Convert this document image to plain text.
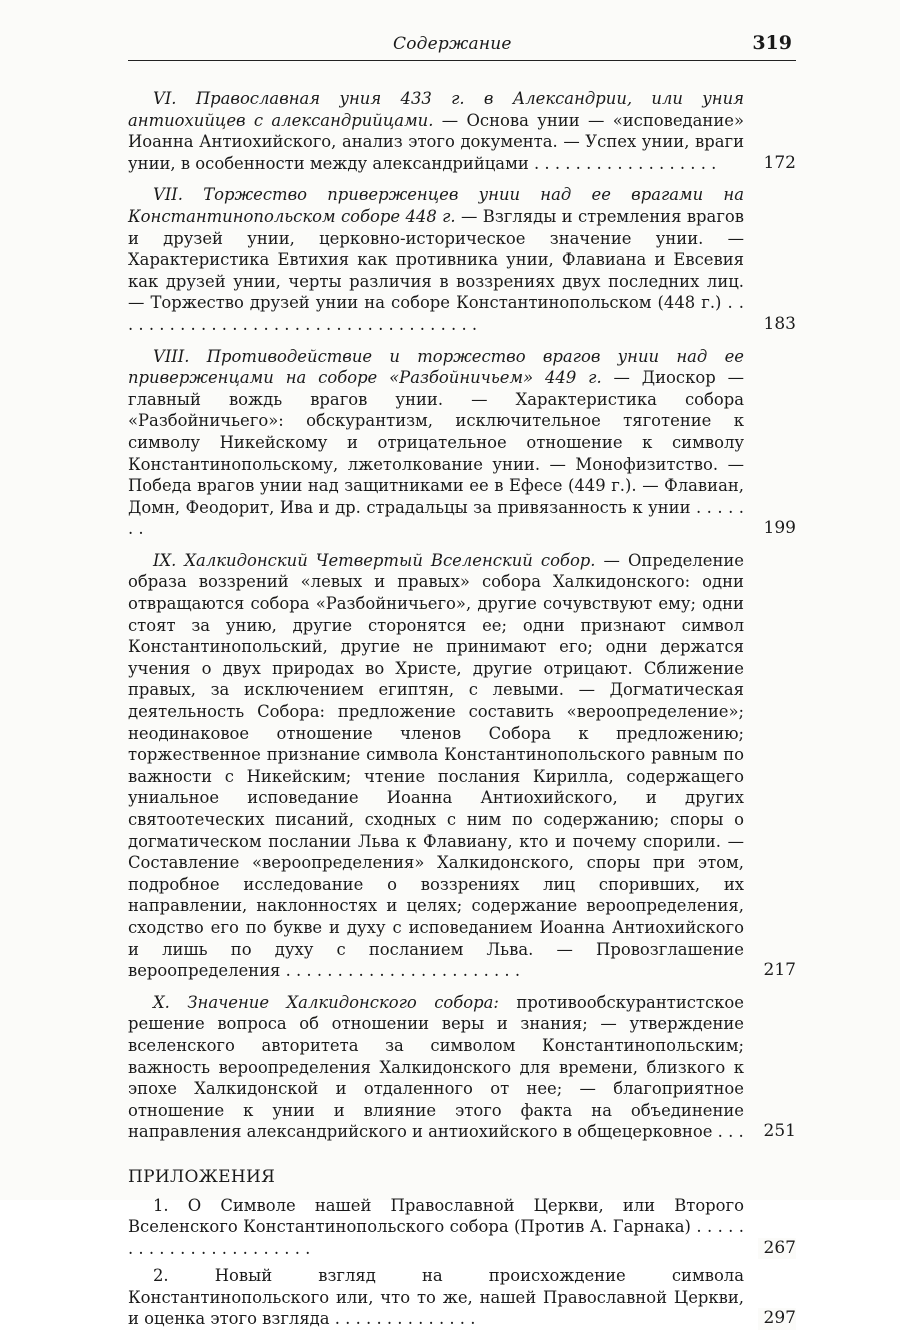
Содержание	319
VI. Православная уния 433 г. в Александрии, или уния антиохийцев с александрийцами. — Основа унии — «исповедание» Иоанна Антиохийского, анализ этого документа. — Успех унии, враги унии, в особенности между александрийцами . . . . . . . . . . . . . . . . . .	172
VII. Торжество приверженцев унии над ее врагами на Константинопольском соборе 448 г. — Взгляды и стремления врагов и друзей унии, церковно-историческое значение унии. — Характеристика Евтихия как противника унии, Флавиана и Евсевия как друзей унии, черты различия в воззрениях двух последних лиц. — Торжество друзей унии на соборе Константинопольском (448 г.) . . . . . . . . . . . . . . . . . . . . . . . . . . . . . . . . . . . .	183
VIII. Противодействие и торжество врагов унии над ее приверженцами на соборе «Разбойничьем» 449 г. — Диоскор — главный вождь врагов унии. — Характеристика собора «Разбойничьего»: обскурантизм, исключительное тяготение к символу Никейскому и отрицательное отношение к символу Константинопольскому, лжетолкование унии. — Монофизитство. — Победа врагов унии над защитниками ее в Ефесе (449 г.). — Флавиан, Домн, Феодорит, Ива и др. страдальцы за привязанность к унии . . . . . . .	199
IX. Халкидонский Четвертый Вселенский собор. — Определение образа воззрений «левых и правых» собора Халкидонского: одни отвращаются собора «Разбойничьего», другие сочувствуют ему; одни стоят за унию, другие сторонятся ее; одни признают символ Константинопольский, другие не принимают его; одни держатся учения о двух природах во Христе, другие отрицают. Сближение правых, за исключением египтян, с левыми. — Догматическая деятельность Собора: предложение составить «вероопределение»; неодинаковое отношение членов Собора к предложению; торжественное признание символа Константинопольского равным по важности с Никейским; чтение послания Кирилла, содержащего униальное исповедание Иоанна Антиохийского, и других святоотеческих писаний, сходных с ним по содержанию; споры о догматическом послании Льва к Флавиану, кто и почему спорили. — Составление «вероопределения» Халкидонского, споры при этом, подробное исследование о воззрениях лиц споривших, их направлении, наклонностях и целях; содержание вероопределения, сходство его по букве и духу с исповеданием Иоанна Антиохийского и лишь по духу с посланием Льва. — Провозглашение вероопределения . . . . . . . . . . . . . . . . . . . . . . .	217
X. Значение Халкидонского собора: противообскурантистское решение вопроса об отношении веры и знания; — утверждение вселенского авторитета за символом Константинопольским; важность вероопределения Халкидонского для времени, близкого к эпохе Халкидонской и отдаленного от нее; — благоприятное отношение к унии и влияние этого факта на объединение направления александрийского и антиохийского в общецерковное . . .	251
ПРИЛОЖЕНИЯ
1. О Символе нашей Православной Церкви, или Второго Вселенского Константинопольского собора (Против А. Гарнака) . . . . . . . . . . . . . . . . . . . . . . .	267
2. Новый взгляд на происхождение символа Константинопольского или, что то же, нашей Православной Церкви, и оценка этого взгляда . . . . . . . . . . . . . .	297
